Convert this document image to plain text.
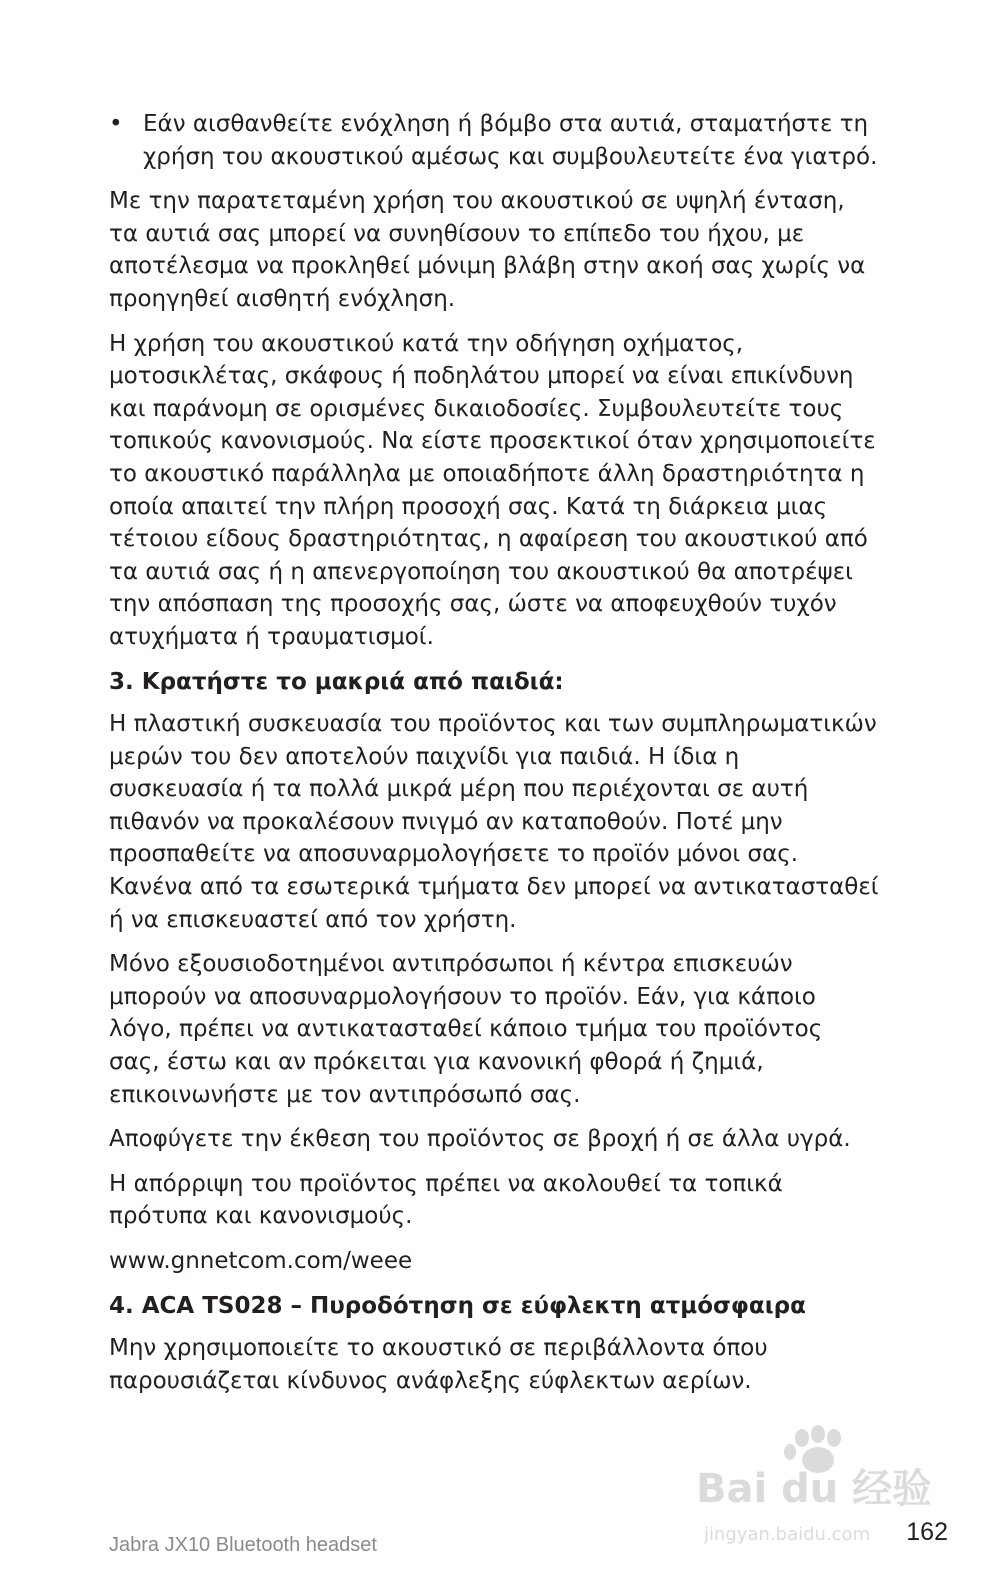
• Εάν αισθανθείτε ενόχληση ή βόμβο στα αυτιά, σταματήστε τη χρήση του ακουστικού αμέσως και συμβουλευτείτε ένα γιατρό.

Με την παρατεταμένη χρήση του ακουστικού σε υψηλή ένταση, τα αυτιά σας μπορεί να συνηθίσουν το επίπεδο του ήχου, με αποτέλεσμα να προκληθεί μόνιμη βλάβη στην ακοή σας χωρίς να προηγηθεί αισθητή ενόχληση.

Η χρήση του ακουστικού κατά την οδήγηση οχήματος, μοτοσικλέτας, σκάφους ή ποδηλάτου μπορεί να είναι επικίνδυνη και παράνομη σε ορισμένες δικαιοδοσίες. Συμβουλευτείτε τους τοπικούς κανονισμούς. Να είστε προσεκτικοί όταν χρησιμοποιείτε το ακουστικό παράλληλα με οποιαδήποτε άλλη δραστηριότητα η οποία απαιτεί την πλήρη προσοχή σας. Κατά τη διάρκεια μιας τέτοιου είδους δραστηριότητας, η αφαίρεση του ακουστικού από τα αυτιά σας ή η απενεργοποίηση του ακουστικού θα αποτρέψει την απόσπαση της προσοχής σας, ώστε να αποφευχθούν τυχόν ατυχήματα ή τραυματισμοί.

3. Κρατήστε το μακριά από παιδιά:

Η πλαστική συσκευασία του προϊόντος και των συμπληρωματικών μερών του δεν αποτελούν παιχνίδι για παιδιά. Η ίδια η συσκευασία ή τα πολλά μικρά μέρη που περιέχονται σε αυτή πιθανόν να προκαλέσουν πνιγμό αν καταποθούν. Ποτέ μην προσπαθείτε να αποσυναρμολογήσετε το προϊόν μόνοι σας. Κανένα από τα εσωτερικά τμήματα δεν μπορεί να αντικατασταθεί ή να επισκευαστεί από τον χρήστη.

Μόνο εξουσιοδοτημένοι αντιπρόσωποι ή κέντρα επισκευών μπορούν να αποσυναρμολογήσουν το προϊόν. Εάν, για κάποιο λόγο, πρέπει να αντικατασταθεί κάποιο τμήμα του προϊόντος σας, έστω και αν πρόκειται για κανονική φθορά ή ζημιά, επικοινωνήστε με τον αντιπρόσωπό σας.

Αποφύγετε την έκθεση του προϊόντος σε βροχή ή σε άλλα υγρά.

Η απόρριψη του προϊόντος πρέπει να ακολουθεί τα τοπικά πρότυπα και κανονισμούς.

www.gnnetcom.com/weee

4. ACA TS028 – Πυροδότηση σε εύφλεκτη ατμόσφαιρα

Μην χρησιμοποιείτε το ακουστικό σε περιβάλλοντα όπου παρουσιάζεται κίνδυνος ανάφλεξης εύφλεκτων αερίων.

Bai du 经验
jingyan.baidu.com
Jabra JX10 Bluetooth headset	162
